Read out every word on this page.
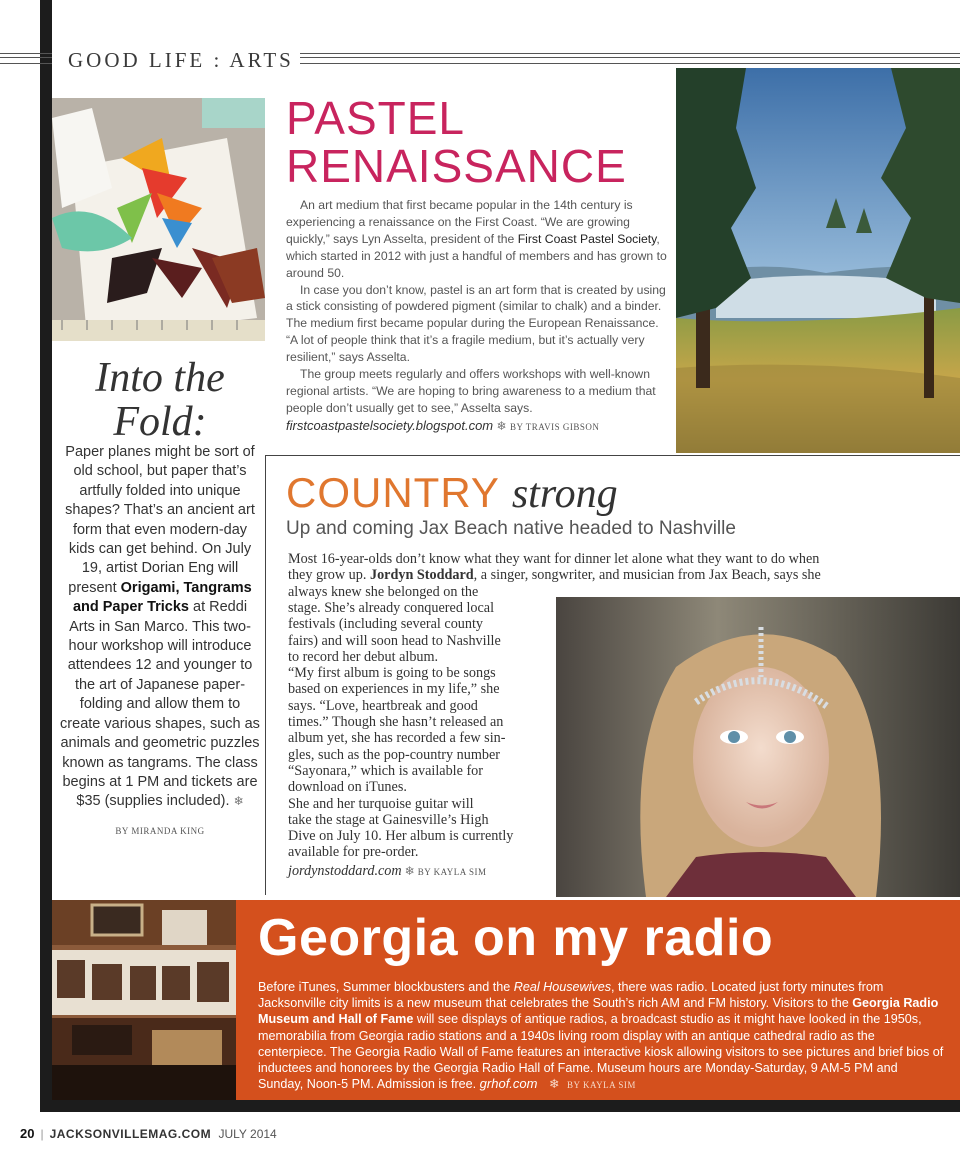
GOOD LIFE : ARTS
Into the
Fold:
Paper planes might be sort of old school, but paper that’s artfully folded into unique shapes? That’s an ancient art form that even modern-day kids can get behind. On July 19, artist Dorian Eng will present Origami, Tangrams and Paper Tricks at Reddi Arts in San Marco. This two-hour workshop will introduce attendees 12 and younger to the art of Japanese paper-folding and allow them to create various shapes, such as animals and geometric puzzles known as tangrams. The class begins at 1 PM and tickets are $35 (supplies included). ❄
BY MIRANDA KING
PASTEL
RENAISSANCE

An art medium that first became popular in the 14th century is experiencing a renaissance on the First Coast. “We are growing quickly,” says Lyn Asselta, president of the First Coast Pastel Society, which started in 2012 with just a handful of members and has grown to around 50.

In case you don’t know, pastel is an art form that is created by using a stick consisting of powdered pigment (similar to chalk) and a binder. The medium first became popular during the European Renaissance. “A lot of people think that it’s a fragile medium, but it’s actually very resilient,” says Asselta.

The group meets regularly and offers workshops with well-known regional artists. “We are hoping to bring awareness to a medium that people don’t usually get to see,” Asselta says.

firstcoastpastelsociety.blogspot.com ❄ BY TRAVIS GIBSON
COUNTRY strong
Up and coming Jax Beach native headed to Nashville
Most 16-year-olds don’t know what they want for dinner let alone what they want to do when
they grow up. Jordyn Stoddard, a singer, songwriter, and musician from Jax Beach, says she
always knew she belonged on the
stage. She’s already conquered local
festivals (including several county
fairs) and will soon head to Nashville
to record her debut album.
“My first album is going to be songs
based on experiences in my life,” she
says. “Love, heartbreak and good
times.” Though she hasn’t released an
album yet, she has recorded a few sin-
gles, such as the pop-country number
“Sayonara,” which is available for
download on iTunes.
She and her turquoise guitar will
take the stage at Gainesville’s High
Dive on July 10. Her album is currently
available for pre-order.
jordynstoddard.com ❄ BY KAYLA SIM
Georgia on my radio
Before iTunes, Summer blockbusters and the Real Housewives, there was radio. Located just forty minutes from Jacksonville city limits is a new museum that celebrates the South’s rich AM and FM history. Visitors to the Georgia Radio Museum and Hall of Fame will see displays of antique radios, a broadcast studio as it might have looked in the 1950s, memorabilia from Georgia radio stations and a 1940s living room display with an antique cathedral radio as the centerpiece. The Georgia Radio Wall of Fame features an interactive kiosk allowing visitors to see pictures and brief bios of inductees and honorees by the Georgia Radio Hall of Fame. Museum hours are Monday-Saturday, 9 AM-5 PM and Sunday, Noon-5 PM. Admission is free. grhof.com ❄ BY KAYLA SIM
20 | JACKSONVILLEMAG.COM JULY 2014
